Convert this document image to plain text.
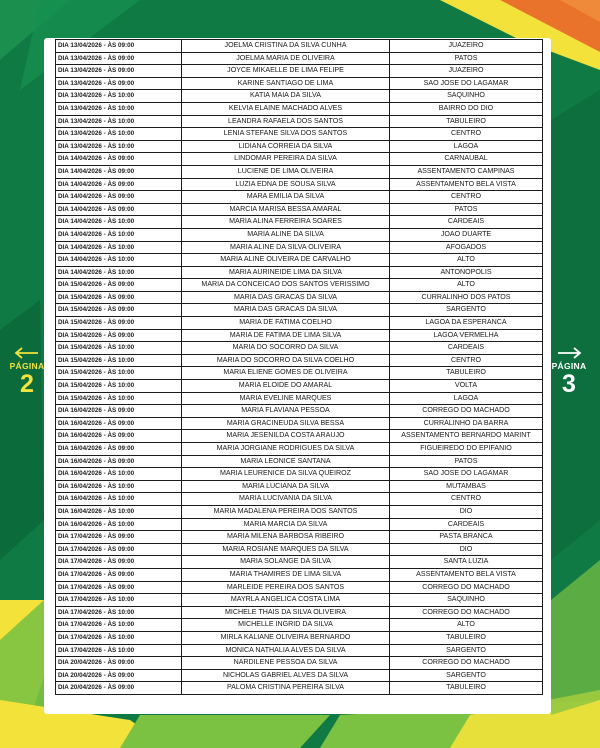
DIA 13/04/2026 - ÀS 09:00	JOELMA CRISTINA DA SILVA CUNHA	JUAZEIRO
DIA 13/04/2026 - ÀS 09:00	JOELMA MARIA DE OLIVEIRA	PATOS
DIA 13/04/2026 - ÀS 09:00	JOYCE MIKAELLE DE LIMA FELIPE	JUAZEIRO
DIA 13/04/2026 - ÀS 09:00	KARINE SANTIAGO DE LIMA	SAO JOSE DO LAGAMAR
DIA 13/04/2026 - ÀS 10:00	KATIA MAIA DA SILVA	SAQUINHO
DIA 13/04/2026 - ÀS 10:00	KELVIA ELAINE MACHADO ALVES	BAIRRO DO DIO
DIA 13/04/2026 - ÀS 10:00	LEANDRA RAFAELA DOS SANTOS	TABULEIRO
DIA 13/04/2026 - ÀS 10:00	LENIA STEFANE SILVA DOS SANTOS	CENTRO
DIA 13/04/2026 - ÀS 10:00	LIDIANA CORREIA DA SILVA	LAGOA
DIA 14/04/2026 - ÀS 09:00	LINDOMAR PEREIRA DA SILVA	CARNAUBAL
DIA 14/04/2026 - ÀS 09:00	LUCIENE DE LIMA OLIVEIRA	ASSENTAMENTO CAMPINAS
DIA 14/04/2026 - ÀS 09:00	LUZIA EDNA DE SOUSA SILVA	ASSENTAMENTO BELA VISTA
DIA 14/04/2026 - ÀS 09:00	MARA EMILIA DA SILVA	CENTRO
DIA 14/04/2026 - ÀS 09:00	MARCIA MARISA BESSA AMARAL	PATOS
DIA 14/04/2026 - ÀS 10:00	MARIA ALINA FERREIRA SOARES	CARDEAIS
DIA 14/04/2026 - ÀS 10:00	MARIA ALINE DA SILVA	JOAO DUARTE
DIA 14/04/2026 - ÀS 10:00	MARIA ALINE DA SILVA OLIVEIRA	AFOGADOS
DIA 14/04/2026 - ÀS 10:00	MARIA ALINE OLIVEIRA DE CARVALHO	ALTO
DIA 14/04/2026 - ÀS 10:00	MARIA AURINEIDE LIMA DA SILVA	ANTONOPOLIS
DIA 15/04/2026 - ÀS 09:00	MARIA DA CONCEICAO DOS SANTOS VERISSIMO	ALTO
DIA 15/04/2026 - ÀS 09:00	MARIA DAS GRACAS DA SILVA	CURRALINHO DOS PATOS
DIA 15/04/2026 - ÀS 09:00	MARIA DAS GRACAS DA SILVA	SARGENTO
DIA 15/04/2026 - ÀS 09:00	MARIA DE FATIMA COELHO	LAGOA DA ESPERANCA
DIA 15/04/2026 - ÀS 09:00	MARIA DE FATIMA DE LIMA SILVA	LAGOA VERMELHA
DIA 15/04/2026 - ÀS 10:00	MARIA DO SOCORRO DA SILVA	CARDEAIS
DIA 15/04/2026 - ÀS 10:00	MARIA DO SOCORRO DA SILVA COELHO	CENTRO
DIA 15/04/2026 - ÀS 10:00	MARIA ELIENE GOMES DE OLIVEIRA	TABULEIRO
DIA 15/04/2026 - ÀS 10:00	MARIA ELOIDE DO AMARAL	VOLTA
DIA 15/04/2026 - ÀS 10:00	MARIA EVELINE MARQUES	LAGOA
DIA 16/04/2026 - ÀS 09:00	MARIA FLAVIANA PESSOA	CORREGO DO MACHADO
DIA 16/04/2026 - ÀS 09:00	MARIA GRACINEUDA SILVA BESSA	CURRALINHO DA BARRA
DIA 16/04/2026 - ÀS 09:00	MARIA JESENILDA COSTA ARAUJO	ASSENTAMENTO BERNARDO MARINT
DIA 16/04/2026 - ÀS 09:00	MARIA JORGIANE RODRIGUES DA SILVA	FIGUEIREDO DO EPIFANIO
DIA 16/04/2026 - ÀS 09:00	MARIA LEONICE SANTANA	PATOS
DIA 16/04/2026 - ÀS 10:00	MARIA LEURENICE DA SILVA QUEIROZ	SAO JOSE DO LAGAMAR
DIA 16/04/2026 - ÀS 10:00	MARIA LUCIANA DA SILVA	MUTAMBAS
DIA 16/04/2026 - ÀS 10:00	MARIA LUCIVANIA DA SILVA	CENTRO
DIA 16/04/2026 - ÀS 10:00	MARIA MADALENA PEREIRA DOS SANTOS	DIO
DIA 16/04/2026 - ÀS 10:00	MARIA MARCIA DA SILVA	CARDEAIS
DIA 17/04/2026 - ÀS 09:00	MARIA MILENA BARBOSA RIBEIRO	PASTA BRANCA
DIA 17/04/2026 - ÀS 09:00	MARIA ROSIANE MARQUES DA SILVA	DIO
DIA 17/04/2026 - ÀS 09:00	MARIA SOLANGE DA SILVA	SANTA LUZIA
DIA 17/04/2026 - ÀS 09:00	MARIA THAMIRES DE LIMA SILVA	ASSENTAMENTO BELA VISTA
DIA 17/04/2026 - ÀS 09:00	MARLEIDE PEREIRA DOS SANTOS	CORREGO DO MACHADO
DIA 17/04/2026 - ÀS 10:00	MAYRLA ANGELICA COSTA LIMA	SAQUINHO
DIA 17/04/2026 - ÀS 10:00	MICHELE THAIS DA SILVA OLIVEIRA	CORREGO DO MACHADO
DIA 17/04/2026 - ÀS 10:00	MICHELLE INGRID DA SILVA	ALTO
DIA 17/04/2026 - ÀS 10:00	MIRLA KALIANE OLIVEIRA BERNARDO	TABULEIRO
DIA 17/04/2026 - ÀS 10:00	MONICA NATHALIA ALVES DA SILVA	SARGENTO
DIA 20/04/2026 - ÀS 09:00	NARDILENE PESSOA DA SILVA	CORREGO DO MACHADO
DIA 20/04/2026 - ÀS 09:00	NICHOLAS GABRIEL ALVES DA SILVA	SARGENTO
DIA 20/04/2026 - ÀS 09:00	PALOMA CRISTINA PEREIRA SILVA	TABULEIRO
PÁGINA
2
PÁGINA
3
